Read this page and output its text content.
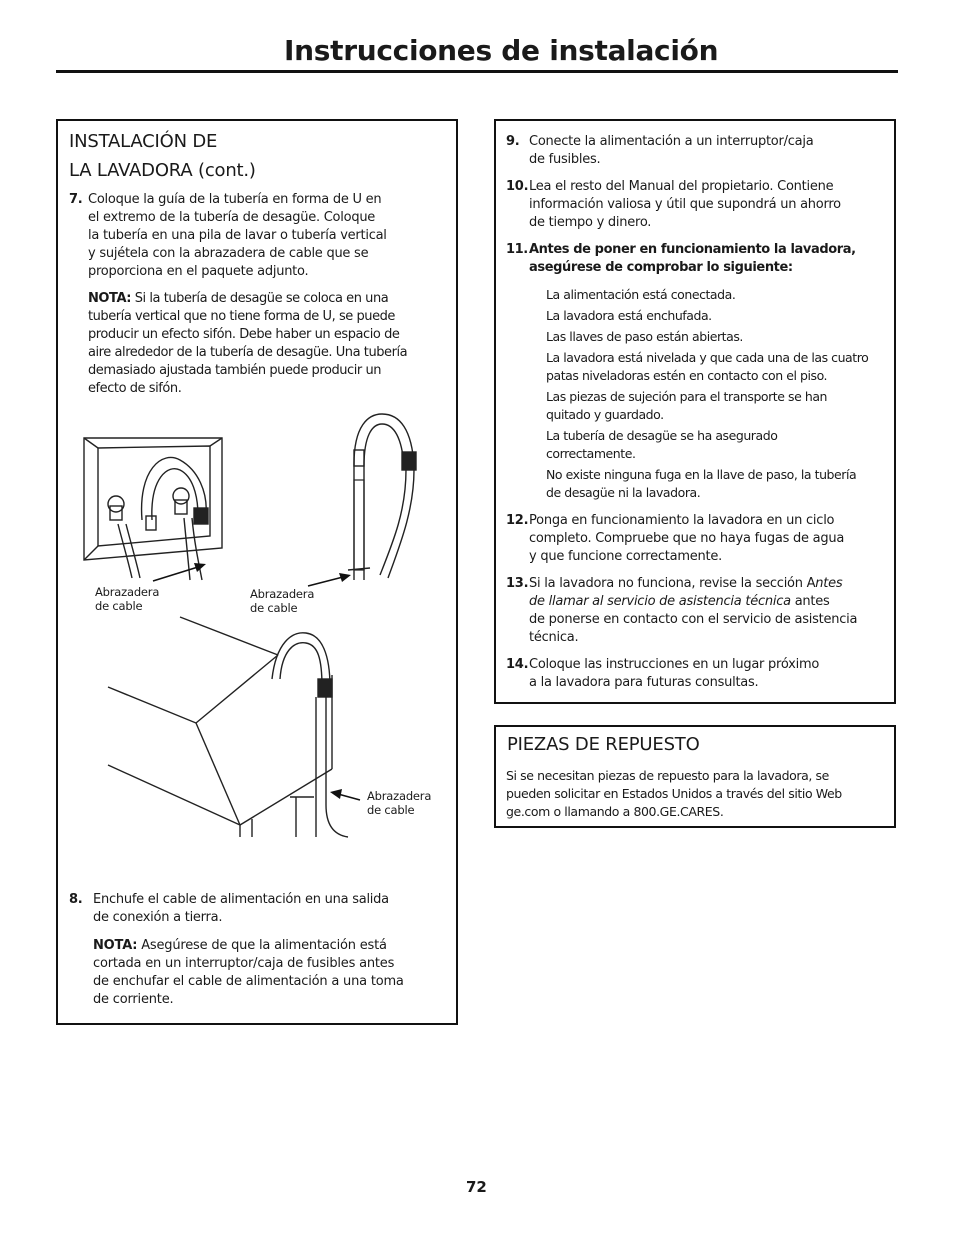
Instrucciones de instalación
INSTALACIÓN DE
LA LAVADORA (cont.)
7. Coloque la guía de la tubería en forma de U en
el extremo de la tubería de desagüe. Coloque
la tubería en una pila de lavar o tubería vertical
y sujétela con la abrazadera de cable que se
proporciona en el paquete adjunto.
NOTA: Si la tubería de desagüe se coloca en una
tubería vertical que no tiene forma de U, se puede
producir un efecto sifón. Debe haber un espacio de
aire alrededor de la tubería de desagüe. Una tubería
demasiado ajustada también puede producir un
efecto de sifón.
8. Enchufe el cable de alimentación en una salida
de conexión a tierra.
NOTA: Asegúrese de que la alimentación está
cortada en un interruptor/caja de fusibles antes
de enchufar el cable de alimentación a una toma
de corriente.
Abrazadera
de cable
Abrazadera
de cable
Abrazadera
de cable
9. Conecte la alimentación a un interruptor/caja
de fusibles.
10. Lea el resto del Manual del propietario. Contiene
información valiosa y útil que supondrá un ahorro
de tiempo y dinero.
11. Antes de poner en funcionamiento la lavadora,
asegúrese de comprobar lo siguiente:
La alimentación está conectada.
La lavadora está enchufada.
Las llaves de paso están abiertas.
La lavadora está nivelada y que cada una de las cuatro
patas niveladoras estén en contacto con el piso.
Las piezas de sujeción para el transporte se han
quitado y guardado.
La tubería de desagüe se ha asegurado
correctamente.
No existe ninguna fuga en la llave de paso, la tubería
de desagüe ni la lavadora.
12. Ponga en funcionamiento la lavadora en un ciclo
completo. Compruebe que no haya fugas de agua
y que funcione correctamente.
13. Si la lavadora no funciona, revise la sección Antes
de llamar al servicio de asistencia técnica antes
de ponerse en contacto con el servicio de asistencia
técnica.
14. Coloque las instrucciones en un lugar próximo
a la lavadora para futuras consultas.
PIEZAS DE REPUESTO
Si se necesitan piezas de repuesto para la lavadora, se
pueden solicitar en Estados Unidos a través del sitio Web
ge.com o llamando a 800.GE.CARES.
72
